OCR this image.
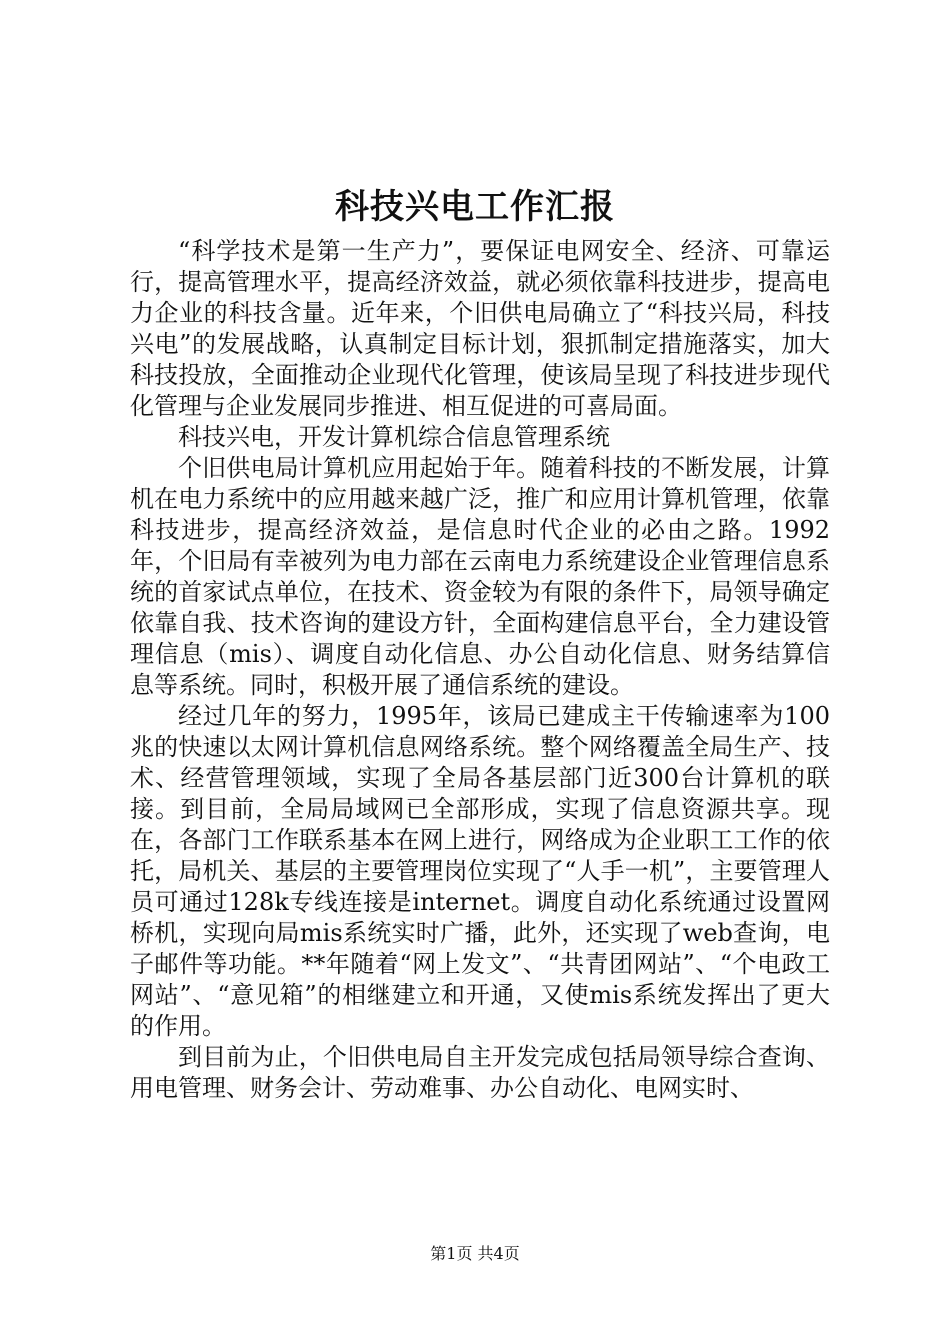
科技兴电工作汇报

“科学技术是第一生产力”，要保证电网安全、经济、可靠运行，提高管理水平，提高经济效益，就必须依靠科技进步，提高电力企业的科技含量。近年来，个旧供电局确立了“科技兴局，科技兴电”的发展战略，认真制定目标计划，狠抓制定措施落实，加大科技投放，全面推动企业现代化管理，使该局呈现了科技进步现代化管理与企业发展同步推进、相互促进的可喜局面。

科技兴电，开发计算机综合信息管理系统

个旧供电局计算机应用起始于年。随着科技的不断发展，计算机在电力系统中的应用越来越广泛，推广和应用计算机管理，依靠科技进步，提高经济效益，是信息时代企业的必由之路。1992年，个旧局有幸被列为电力部在云南电力系统建设企业管理信息系统的首家试点单位，在技术、资金较为有限的条件下，局领导确定依靠自我、技术咨询的建设方针，全面构建信息平台，全力建设管理信息（mis）、调度自动化信息、办公自动化信息、财务结算信息等系统。同时，积极开展了通信系统的建设。

经过几年的努力，1995年，该局已建成主干传输速率为100兆的快速以太网计算机信息网络系统。整个网络覆盖全局生产、技术、经营管理领域，实现了全局各基层部门近300台计算机的联接。到目前，全局局域网已全部形成，实现了信息资源共享。现在，各部门工作联系基本在网上进行，网络成为企业职工工作的依托，局机关、基层的主要管理岗位实现了“人手一机”，主要管理人员可通过128k专线连接是internet。调度自动化系统通过设置网桥机，实现向局mis系统实时广播，此外，还实现了web查询，电子邮件等功能。**年随着“网上发文”、“共青团网站”、“个电政工网站”、“意见箱”的相继建立和开通，又使mis系统发挥出了更大的作用。

到目前为止，个旧供电局自主开发完成包括局领导综合查询、用电管理、财务会计、劳动难事、办公自动化、电网实时、

第1页 共4页
